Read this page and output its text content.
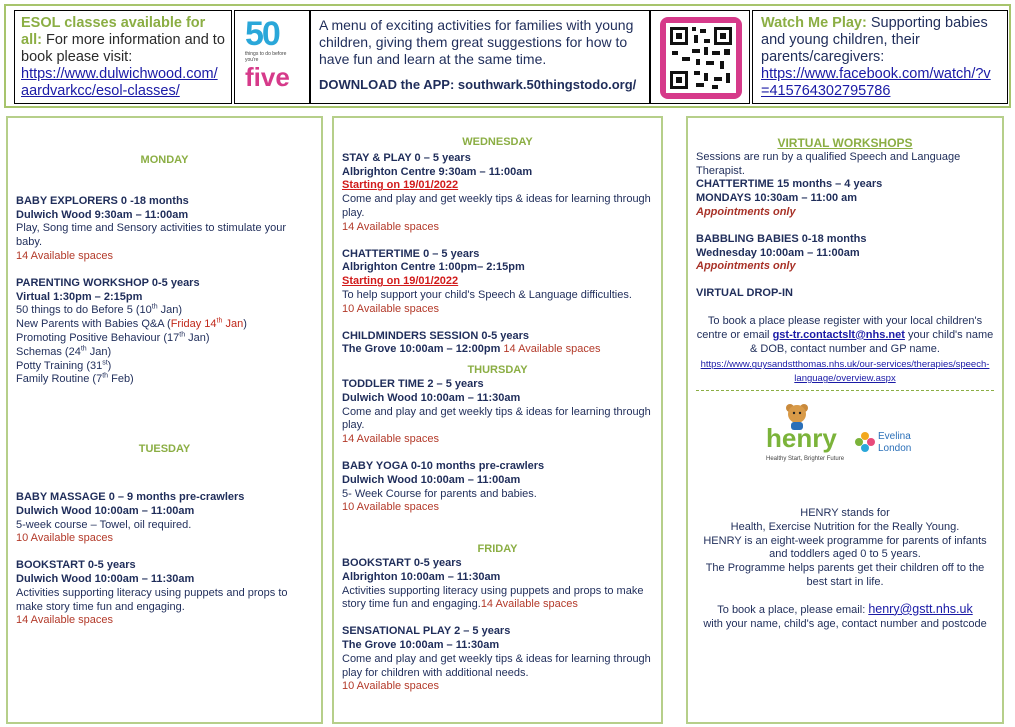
ESOL classes available for all: For more information and to book please visit:
https://www.dulwichwood.com/aardvarkcc/esol-classes/
50
things to do before you're
five
A menu of exciting activities for families with young children, giving them great suggestions for how to have fun and learn at the same time.
DOWNLOAD the APP: southwark.50thingstodo.org/
Watch Me Play: Supporting babies and young children, their parents/caregivers:
https://www.facebook.com/watch/?v=415764302795786
MONDAY
BABY EXPLORERS 0 -18 months
Dulwich Wood 9:30am – 11:00am
Play, Song time and Sensory activities to stimulate your baby.
14 Available spaces
PARENTING WORKSHOP 0-5 years
Virtual 1:30pm – 2:15pm
50 things to do Before 5 (10th Jan)
New Parents with Babies Q&A (Friday 14th Jan)
Promoting Positive Behaviour (17th Jan)
Schemas (24th Jan)
Potty Training (31st)
Family Routine (7th Feb)
TUESDAY
BABY MASSAGE 0 – 9 months pre-crawlers
Dulwich Wood 10:00am – 11:00am
5-week course – Towel, oil required.
10 Available spaces
BOOKSTART 0-5 years
Dulwich Wood 10:00am – 11:30am
Activities supporting literacy using puppets and props to make story time fun and engaging.
14 Available spaces
WEDNESDAY
STAY & PLAY 0 – 5 years
Albrighton Centre 9:30am – 11:00am
Starting on 19/01/2022
Come and play and get weekly tips & ideas for learning through play.
14 Available spaces
CHATTERTIME 0 – 5 years
Albrighton Centre 1:00pm– 2:15pm
Starting on 19/01/2022
To help support your child's Speech & Language difficulties.
10 Available spaces
CHILDMINDERS SESSION 0-5 years
The Grove 10:00am – 12:00pm 14 Available spaces
THURSDAY
TODDLER TIME 2 – 5 years
Dulwich Wood 10:00am – 11:30am
Come and play and get weekly tips & ideas for learning through play.
14 Available spaces
BABY YOGA 0-10 months pre-crawlers
Dulwich Wood 10:00am – 11:00am
5- Week Course for parents and babies.
10 Available spaces
FRIDAY
BOOKSTART 0-5 years
Albrighton 10:00am – 11:30am
Activities supporting literacy using puppets and props to make story time fun and engaging.14 Available spaces
SENSATIONAL PLAY 2 – 5 years
The Grove 10:00am – 11:30am
Come and play and get weekly tips & ideas for learning through play for children with additional needs.
10 Available spaces
VIRTUAL WORKSHOPS
Sessions are run by a qualified Speech and Language Therapist.
CHATTERTIME 15 months – 4 years
MONDAYS 10:30am – 11:00 am
Appointments only
BABBLING BABIES 0-18 months
Wednesday 10:00am – 11:00am
Appointments only
VIRTUAL DROP-IN
To book a place please register with your local children's centre or email gst-tr.contactslt@nhs.net your child's name & DOB, contact number and GP name.
https://www.guysandstthomas.nhs.uk/our-services/therapies/speech-language/overview.aspx
henry
Healthy Start, Brighter Future
Evelina
London
HENRY stands for
Health, Exercise Nutrition for the Really Young.
HENRY is an eight-week programme for parents of infants and toddlers aged 0 to 5 years.
The Programme helps parents get their children off to the best start in life.
To book a place, please email: henry@gstt.nhs.uk
with your name, child's age, contact number and postcode
